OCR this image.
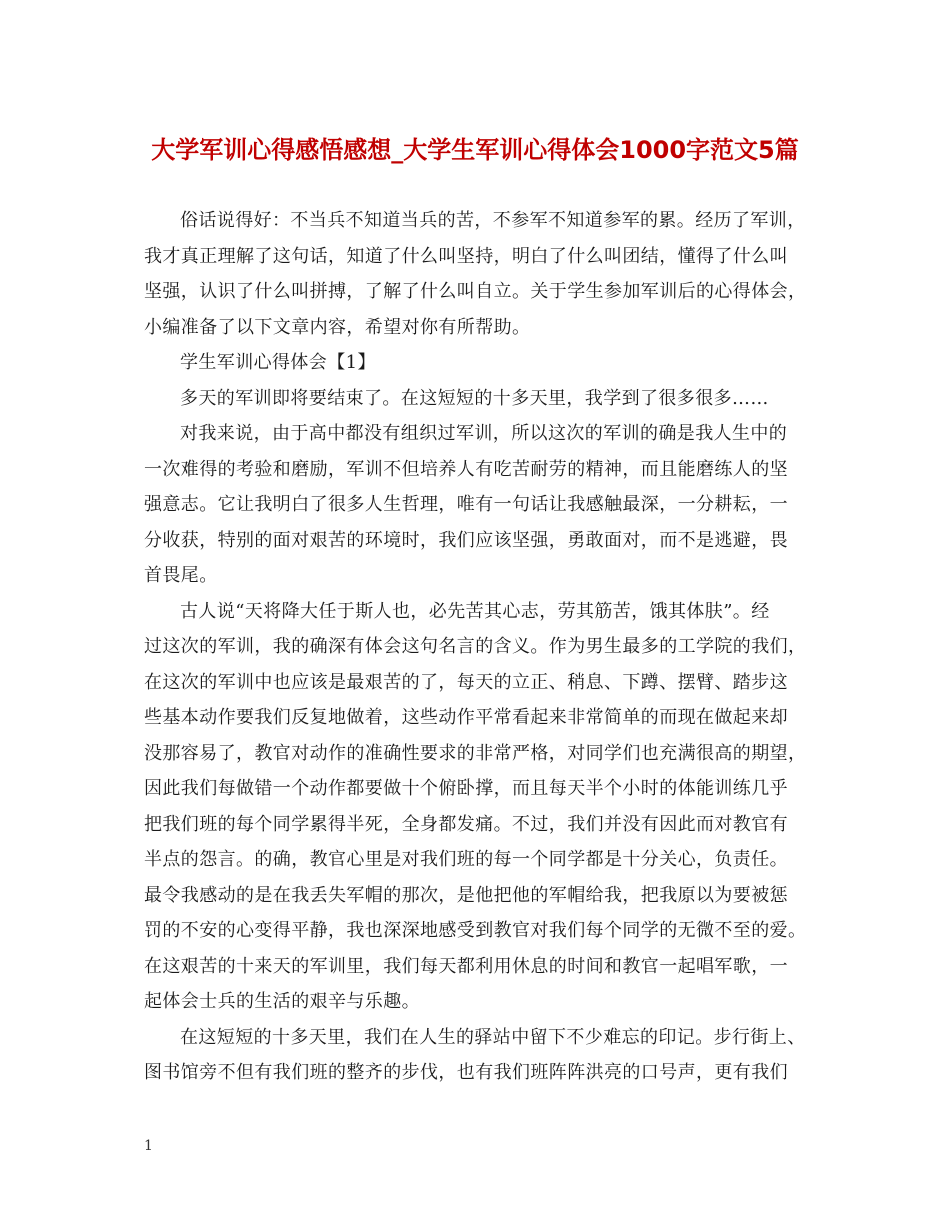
大学军训心得感悟感想_大学生军训心得体会1000字范文5篇
俗话说得好：不当兵不知道当兵的苦，不参军不知道参军的累。经历了军训，
我才真正理解了这句话，知道了什么叫坚持，明白了什么叫团结，懂得了什么叫
坚强，认识了什么叫拼搏，了解了什么叫自立。关于学生参加军训后的心得体会，
小编准备了以下文章内容，希望对你有所帮助。
学生军训心得体会【1】
多天的军训即将要结束了。在这短短的十多天里，我学到了很多很多……
对我来说，由于高中都没有组织过军训，所以这次的军训的确是我人生中的
一次难得的考验和磨励，军训不但培养人有吃苦耐劳的精神，而且能磨练人的坚
强意志。它让我明白了很多人生哲理，唯有一句话让我感触最深，一分耕耘，一
分收获，特别的面对艰苦的环境时，我们应该坚强，勇敢面对，而不是逃避，畏
首畏尾。
古人说“天将降大任于斯人也，必先苦其心志，劳其筋苦，饿其体肤”。经
过这次的军训，我的确深有体会这句名言的含义。作为男生最多的工学院的我们，
在这次的军训中也应该是最艰苦的了，每天的立正、稍息、下蹲、摆臂、踏步这
些基本动作要我们反复地做着，这些动作平常看起来非常简单的而现在做起来却
没那容易了，教官对动作的准确性要求的非常严格，对同学们也充满很高的期望，
因此我们每做错一个动作都要做十个俯卧撑，而且每天半个小时的体能训练几乎
把我们班的每个同学累得半死，全身都发痛。不过，我们并没有因此而对教官有
半点的怨言。的确，教官心里是对我们班的每一个同学都是十分关心，负责任。
最令我感动的是在我丢失军帽的那次，是他把他的军帽给我，把我原以为要被惩
罚的不安的心变得平静，我也深深地感受到教官对我们每个同学的无微不至的爱。
在这艰苦的十来天的军训里，我们每天都利用休息的时间和教官一起唱军歌，一
起体会士兵的生活的艰辛与乐趣。
在这短短的十多天里，我们在人生的驿站中留下不少难忘的印记。步行街上、
图书馆旁不但有我们班的整齐的步伐，也有我们班阵阵洪亮的口号声，更有我们
1
